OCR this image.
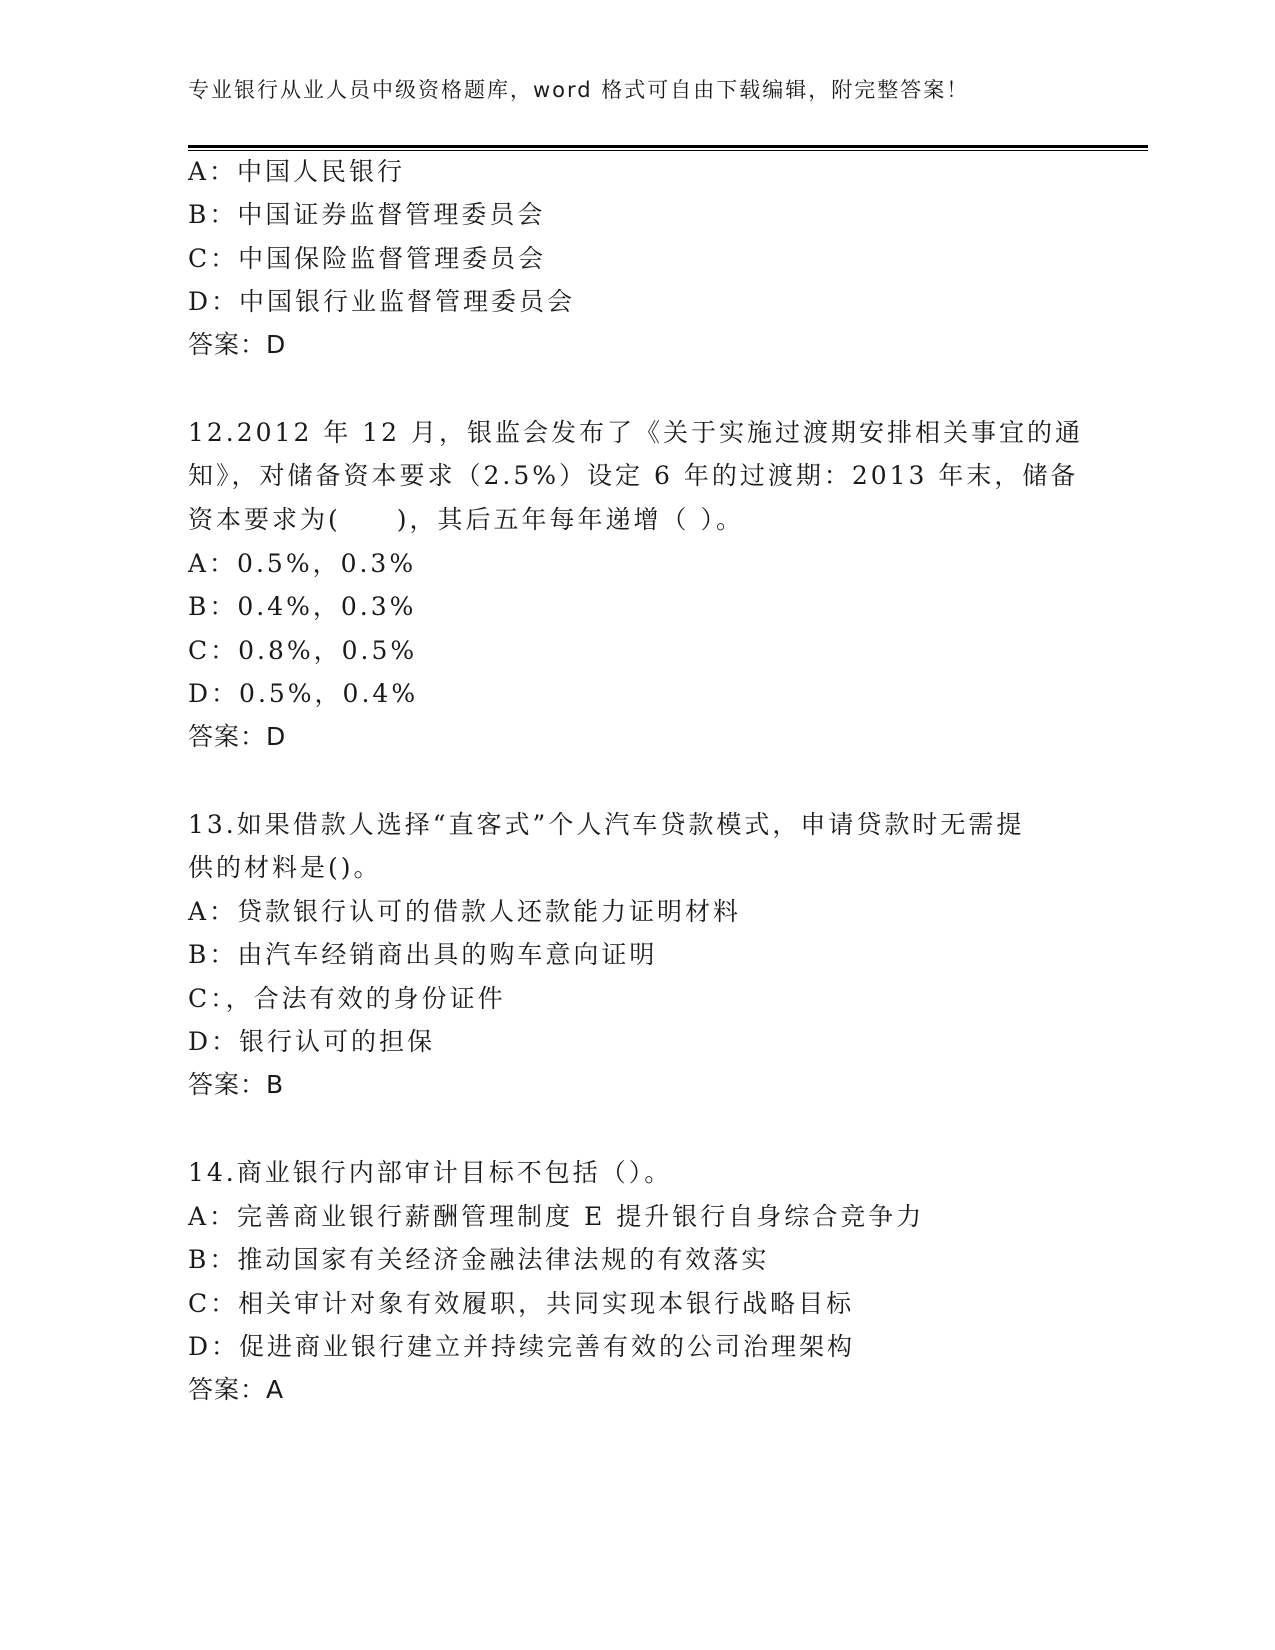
专业银行从业人员中级资格题库，word 格式可自由下载编辑，附完整答案！
A：中国人民银行
B：中国证券监督管理委员会
C：中国保险监督管理委员会
D：中国银行业监督管理委员会
答案：D
12.2012 年 12 月，银监会发布了《关于实施过渡期安排相关事宜的通
知》，对储备资本要求（2.5%）设定 6 年的过渡期：2013 年末，储备
资本要求为(　　)，其后五年每年递增（ ）。
A：0.5%，0.3%
B：0.4%，0.3%
C：0.8%，0.5%
D：0.5%，0.4%
答案：D
13.如果借款人选择“直客式”个人汽车贷款模式，申请贷款时无需提
供的材料是()。
A：贷款银行认可的借款人还款能力证明材料
B：由汽车经销商出具的购车意向证明
C：，合法有效的身份证件
D：银行认可的担保
答案：B
14.商业银行内部审计目标不包括（）。
A：完善商业银行薪酬管理制度 E 提升银行自身综合竞争力
B：推动国家有关经济金融法律法规的有效落实
C：相关审计对象有效履职，共同实现本银行战略目标
D：促进商业银行建立并持续完善有效的公司治理架构
答案：A
